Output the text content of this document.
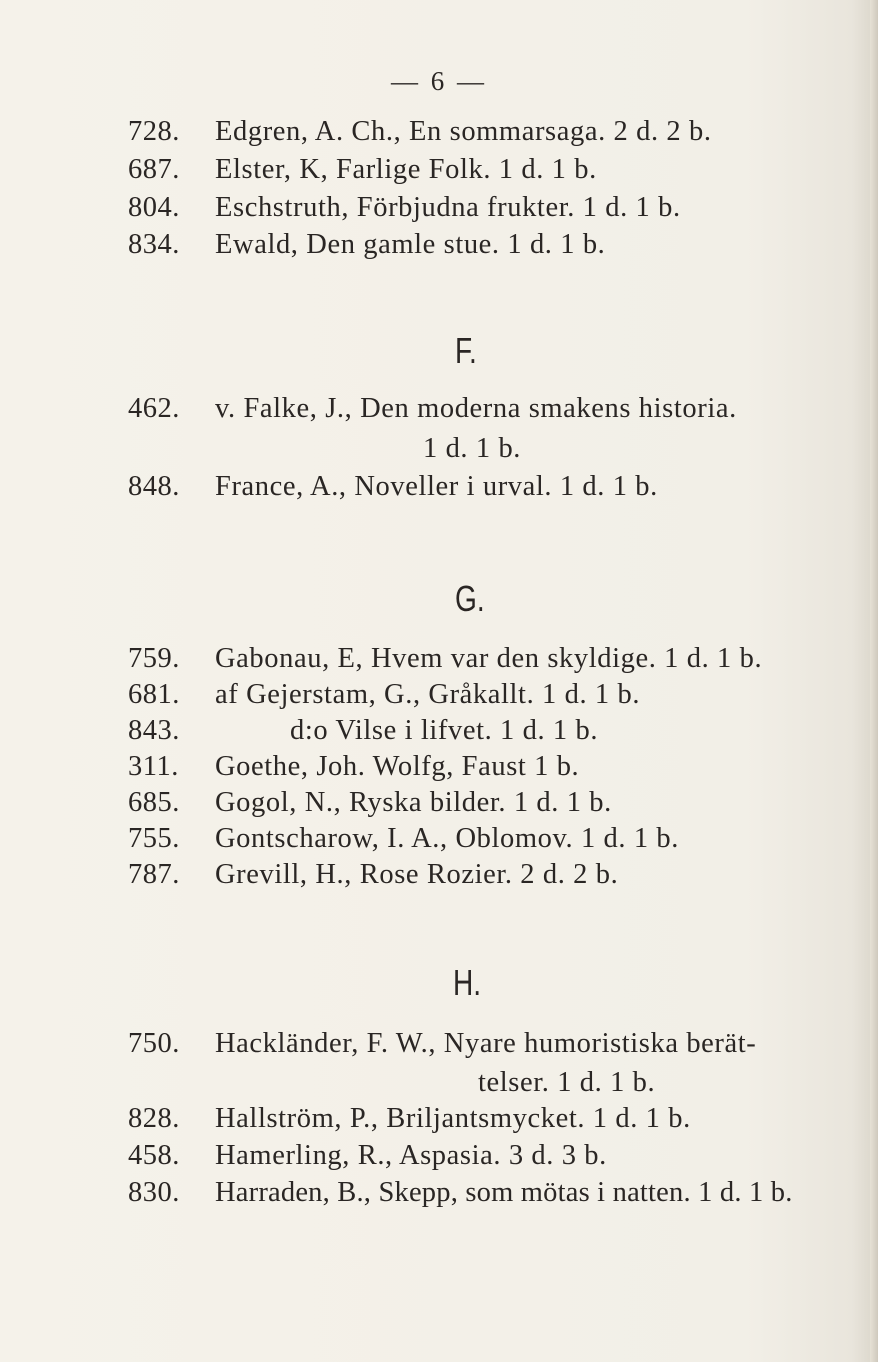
— 6 —
728. Edgren, A. Ch., En sommarsaga. 2 d. 2 b.
687. Elster, K, Farlige Folk. 1 d. 1 b.
804. Eschstruth, Förbjudna frukter. 1 d. 1 b.
834. Ewald, Den gamle stue. 1 d. 1 b.
F.
462. v. Falke, J., Den moderna smakens historia.
1 d. 1 b.
848. France, A., Noveller i urval. 1 d. 1 b.
G.
759. Gabonau, E, Hvem var den skyldige. 1 d. 1 b.
681. af Gejerstam, G., Gråkallt. 1 d. 1 b.
843.	d:o Vilse i lifvet. 1 d. 1 b.
311. Goethe, Joh. Wolfg, Faust 1 b.
685. Gogol, N., Ryska bilder. 1 d. 1 b.
755. Gontscharow, I. A., Oblomov. 1 d. 1 b.
787. Grevill, H., Rose Rozier. 2 d. 2 b.
H.
750. Hackländer, F. W., Nyare humoristiska berät-
telser. 1 d. 1 b.
828. Hallström, P., Briljantsmycket. 1 d. 1 b.
458. Hamerling, R., Aspasia. 3 d. 3 b.
830. Harraden, B., Skepp, som mötas i natten. 1 d. 1 b.
